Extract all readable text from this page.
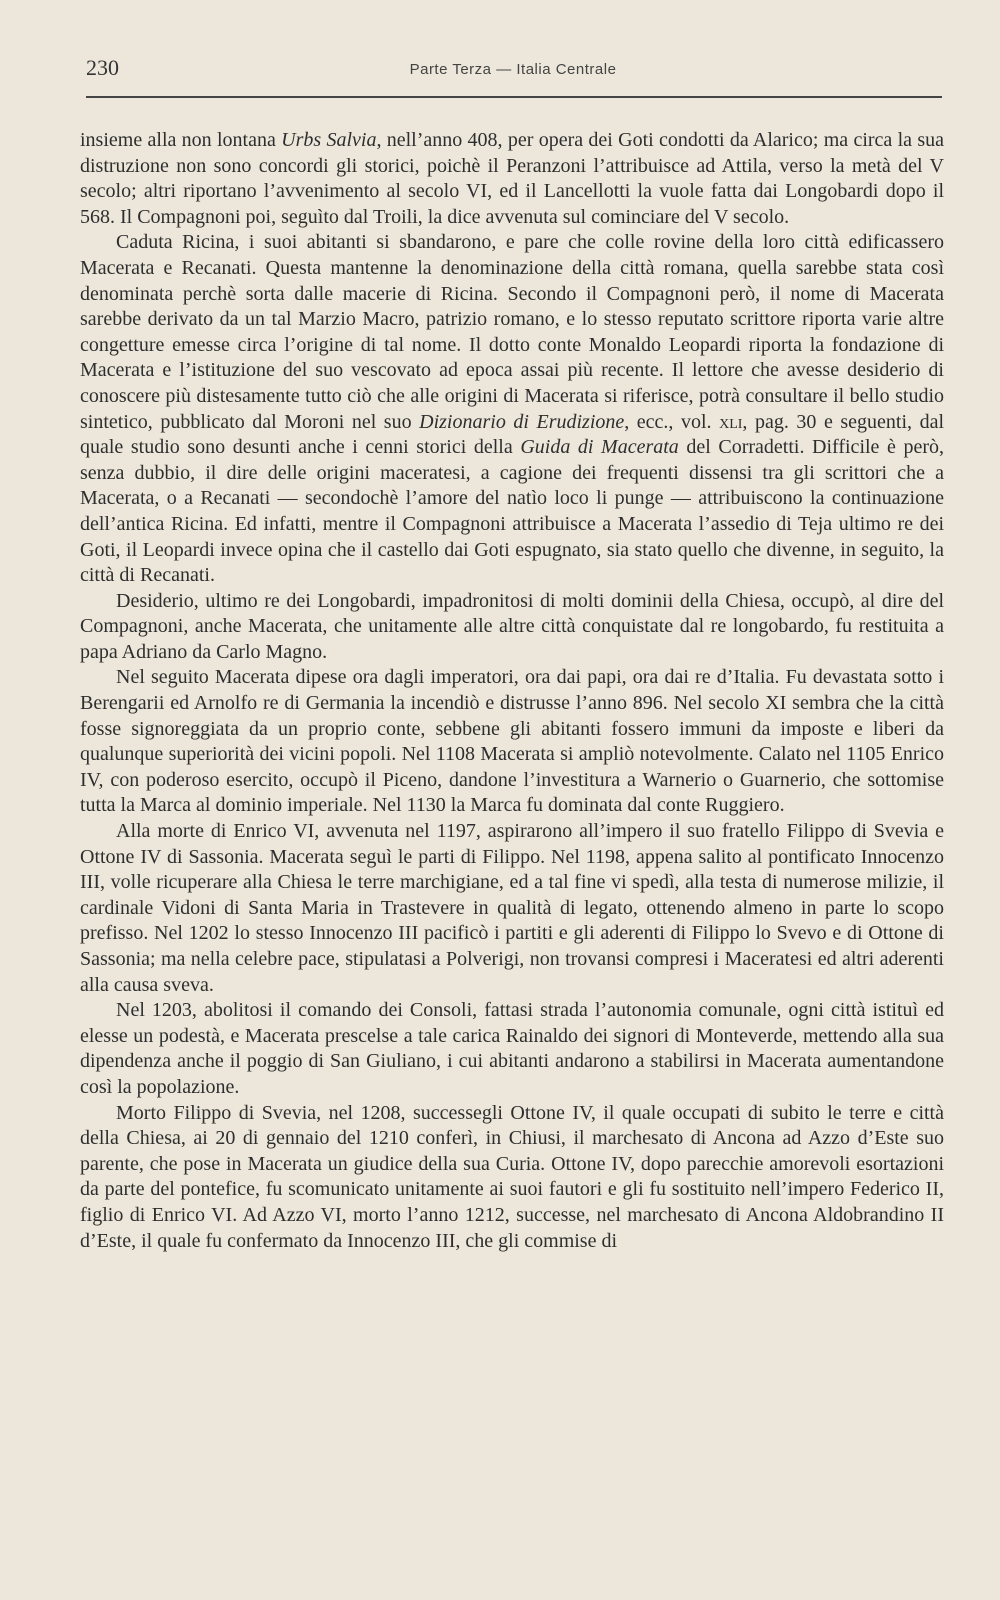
230	Parte Terza — Italia Centrale

insieme alla non lontana Urbs Salvia, nell’anno 408, per opera dei Goti condotti da Alarico; ma circa la sua distruzione non sono concordi gli storici, poichè il Peranzoni l’attribuisce ad Attila, verso la metà del V secolo; altri riportano l’avvenimento al secolo VI, ed il Lancellotti la vuole fatta dai Longobardi dopo il 568. Il Compagnoni poi, seguìto dal Troili, la dice avvenuta sul cominciare del V secolo.

Caduta Ricina, i suoi abitanti si sbandarono, e pare che colle rovine della loro città edificassero Macerata e Recanati. Questa mantenne la denominazione della città romana, quella sarebbe stata così denominata perchè sorta dalle macerie di Ricina. Secondo il Compagnoni però, il nome di Macerata sarebbe derivato da un tal Marzio Macro, patrizio romano, e lo stesso reputato scrittore riporta varie altre congetture emesse circa l’origine di tal nome. Il dotto conte Monaldo Leopardi riporta la fondazione di Macerata e l’istituzione del suo vescovato ad epoca assai più recente. Il lettore che avesse desiderio di conoscere più distesamente tutto ciò che alle origini di Macerata si riferisce, potrà consultare il bello studio sintetico, pubblicato dal Moroni nel suo Dizionario di Erudizione, ecc., vol. xli, pag. 30 e seguenti, dal quale studio sono desunti anche i cenni storici della Guida di Macerata del Corradetti. Difficile è però, senza dubbio, il dire delle origini maceratesi, a cagione dei frequenti dissensi tra gli scrittori che a Macerata, o a Recanati — secondochè l’amore del natìo loco li punge — attribuiscono la continuazione dell’antica Ricina. Ed infatti, mentre il Compagnoni attribuisce a Macerata l’assedio di Teja ultimo re dei Goti, il Leopardi invece opina che il castello dai Goti espugnato, sia stato quello che divenne, in seguito, la città di Recanati.

Desiderio, ultimo re dei Longobardi, impadronitosi di molti dominii della Chiesa, occupò, al dire del Compagnoni, anche Macerata, che unitamente alle altre città conquistate dal re longobardo, fu restituita a papa Adriano da Carlo Magno.

Nel seguito Macerata dipese ora dagli imperatori, ora dai papi, ora dai re d’Italia. Fu devastata sotto i Berengarii ed Arnolfo re di Germania la incendiò e distrusse l’anno 896. Nel secolo XI sembra che la città fosse signoreggiata da un proprio conte, sebbene gli abitanti fossero immuni da imposte e liberi da qualunque superiorità dei vicini popoli. Nel 1108 Macerata si ampliò notevolmente. Calato nel 1105 Enrico IV, con poderoso esercito, occupò il Piceno, dandone l’investitura a Warnerio o Guarnerio, che sottomise tutta la Marca al dominio imperiale. Nel 1130 la Marca fu dominata dal conte Ruggiero.

Alla morte di Enrico VI, avvenuta nel 1197, aspirarono all’impero il suo fratello Filippo di Svevia e Ottone IV di Sassonia. Macerata seguì le parti di Filippo. Nel 1198, appena salito al pontificato Innocenzo III, volle ricuperare alla Chiesa le terre marchigiane, ed a tal fine vi spedì, alla testa di numerose milizie, il cardinale Vidoni di Santa Maria in Trastevere in qualità di legato, ottenendo almeno in parte lo scopo prefisso. Nel 1202 lo stesso Innocenzo III pacificò i partiti e gli aderenti di Filippo lo Svevo e di Ottone di Sassonia; ma nella celebre pace, stipulatasi a Polverigi, non trovansi compresi i Maceratesi ed altri aderenti alla causa sveva.

Nel 1203, abolitosi il comando dei Consoli, fattasi strada l’autonomia comunale, ogni città istituì ed elesse un podestà, e Macerata prescelse a tale carica Rainaldo dei signori di Monteverde, mettendo alla sua dipendenza anche il poggio di San Giuliano, i cui abitanti andarono a stabilirsi in Macerata aumentandone così la popolazione.

Morto Filippo di Svevia, nel 1208, successegli Ottone IV, il quale occupati di subito le terre e città della Chiesa, ai 20 di gennaio del 1210 conferì, in Chiusi, il marchesato di Ancona ad Azzo d’Este suo parente, che pose in Macerata un giudice della sua Curia. Ottone IV, dopo parecchie amorevoli esortazioni da parte del pontefice, fu scomunicato unitamente ai suoi fautori e gli fu sostituito nell’impero Federico II, figlio di Enrico VI. Ad Azzo VI, morto l’anno 1212, successe, nel marchesato di Ancona Aldobrandino II d’Este, il quale fu confermato da Innocenzo III, che gli commise di
